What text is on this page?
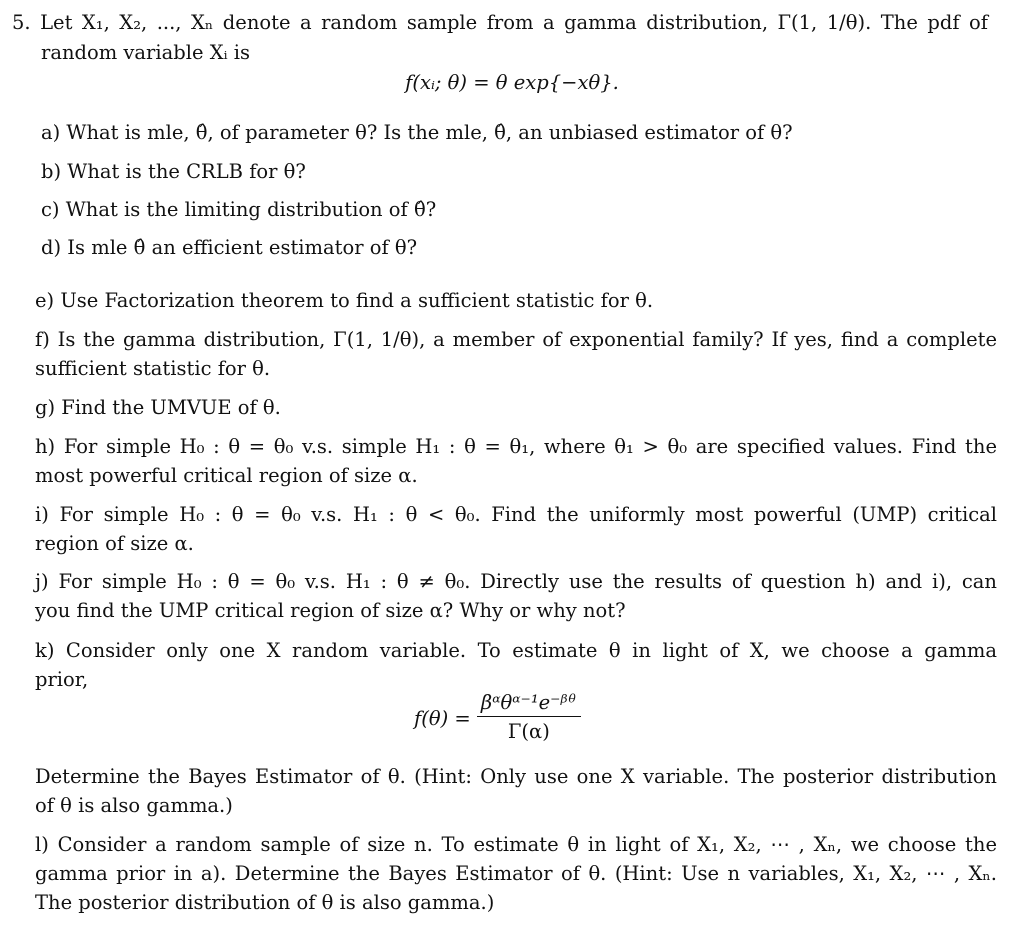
5. Let X₁, X₂, ..., Xₙ denote a random sample from a gamma distribution, Γ(1, 1/θ). The pdf of
random variable Xᵢ is
f(xᵢ; θ) = θ exp{−xθ}.
a) What is mle, θ̂, of parameter θ? Is the mle, θ̂, an unbiased estimator of θ?
b) What is the CRLB for θ?
c) What is the limiting distribution of θ̂?
d) Is mle θ̂ an efficient estimator of θ?
e) Use Factorization theorem to find a sufficient statistic for θ.
f) Is the gamma distribution, Γ(1, 1/θ), a member of exponential family? If yes, find a complete
sufficient statistic for θ.
g) Find the UMVUE of θ.
h) For simple H₀ : θ = θ₀ v.s. simple H₁ : θ = θ₁, where θ₁ > θ₀ are specified values. Find the
most powerful critical region of size α.
i) For simple H₀ : θ = θ₀ v.s. H₁ : θ < θ₀. Find the uniformly most powerful (UMP) critical
region of size α.
j) For simple H₀ : θ = θ₀ v.s. H₁ : θ ≠ θ₀. Directly use the results of question h) and i), can
you find the UMP critical region of size α? Why or why not?
k) Consider only one X random variable. To estimate θ in light of X, we choose a gamma
prior,
$f(\theta) = \frac{\text{βᵅθᵅ⁻¹e⁻ᵝᶿ}}{\Gamma(\alpha)}$
Determine the Bayes Estimator of θ. (Hint: Only use one X variable. The posterior distribution
of θ is also gamma.)
l) Consider a random sample of size n. To estimate θ in light of X₁, X₂, ⋯ , Xₙ, we choose the
gamma prior in a). Determine the Bayes Estimator of θ. (Hint: Use n variables, X₁, X₂, ⋯ , Xₙ.
The posterior distribution of θ is also gamma.)
